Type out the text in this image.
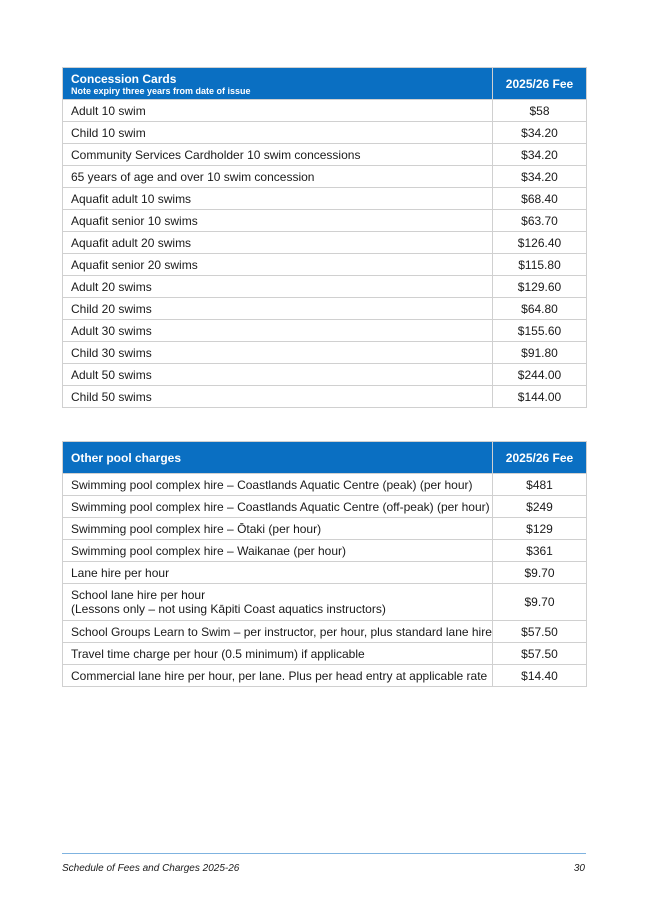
Concession Cards
Note expiry three years from date of issue	2025/26 Fee
Adult 10 swim	$58
Child 10 swim	$34.20
Community Services Cardholder 10 swim concessions	$34.20
65 years of age and over 10 swim concession	$34.20
Aquafit adult 10 swims	$68.40
Aquafit senior 10 swims	$63.70
Aquafit adult 20 swims	$126.40
Aquafit senior 20 swims	$115.80
Adult 20 swims	$129.60
Child 20 swims	$64.80
Adult 30 swims	$155.60
Child 30 swims	$91.80
Adult 50 swims	$244.00
Child 50 swims	$144.00
Other pool charges	2025/26 Fee
Swimming pool complex hire – Coastlands Aquatic Centre (peak) (per hour)	$481
Swimming pool complex hire – Coastlands Aquatic Centre (off-peak) (per hour)	$249
Swimming pool complex hire – Ōtaki (per hour)	$129
Swimming pool complex hire – Waikanae (per hour)	$361
Lane hire per hour	$9.70
School lane hire per hour
(Lessons only – not using Kāpiti Coast aquatics instructors)	$9.70
School Groups Learn to Swim – per instructor, per hour, plus standard lane hire	$57.50
Travel time charge per hour (0.5 minimum) if applicable	$57.50
Commercial lane hire per hour, per lane. Plus per head entry at applicable rate	$14.40
Schedule of Fees and Charges 2025-26	30
